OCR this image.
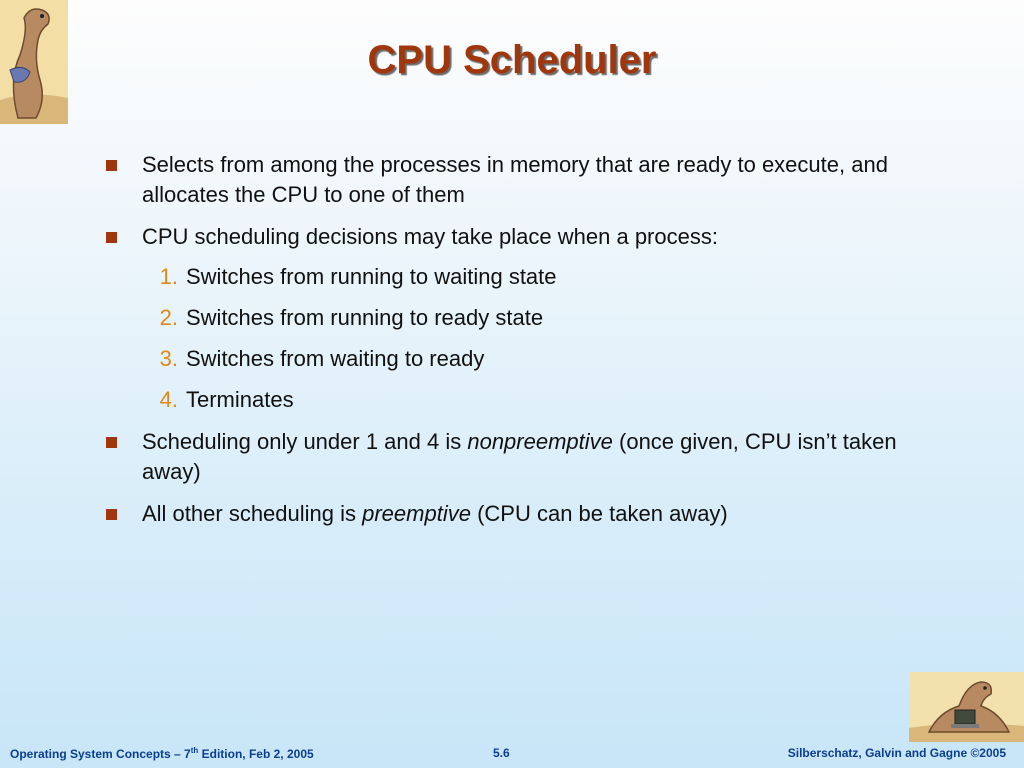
CPU Scheduler
Selects from among the processes in memory that are ready to execute, and allocates the CPU to one of them
CPU scheduling decisions may take place when a process:
1. Switches from running to waiting state
2. Switches from running to ready state
3. Switches from waiting to ready
4. Terminates
Scheduling only under 1 and 4 is nonpreemptive (once given, CPU isn’t taken away)
All other scheduling is preemptive (CPU can be taken away)
Operating System Concepts – 7th Edition, Feb 2, 2005	5.6	Silberschatz, Galvin and Gagne ©2005
